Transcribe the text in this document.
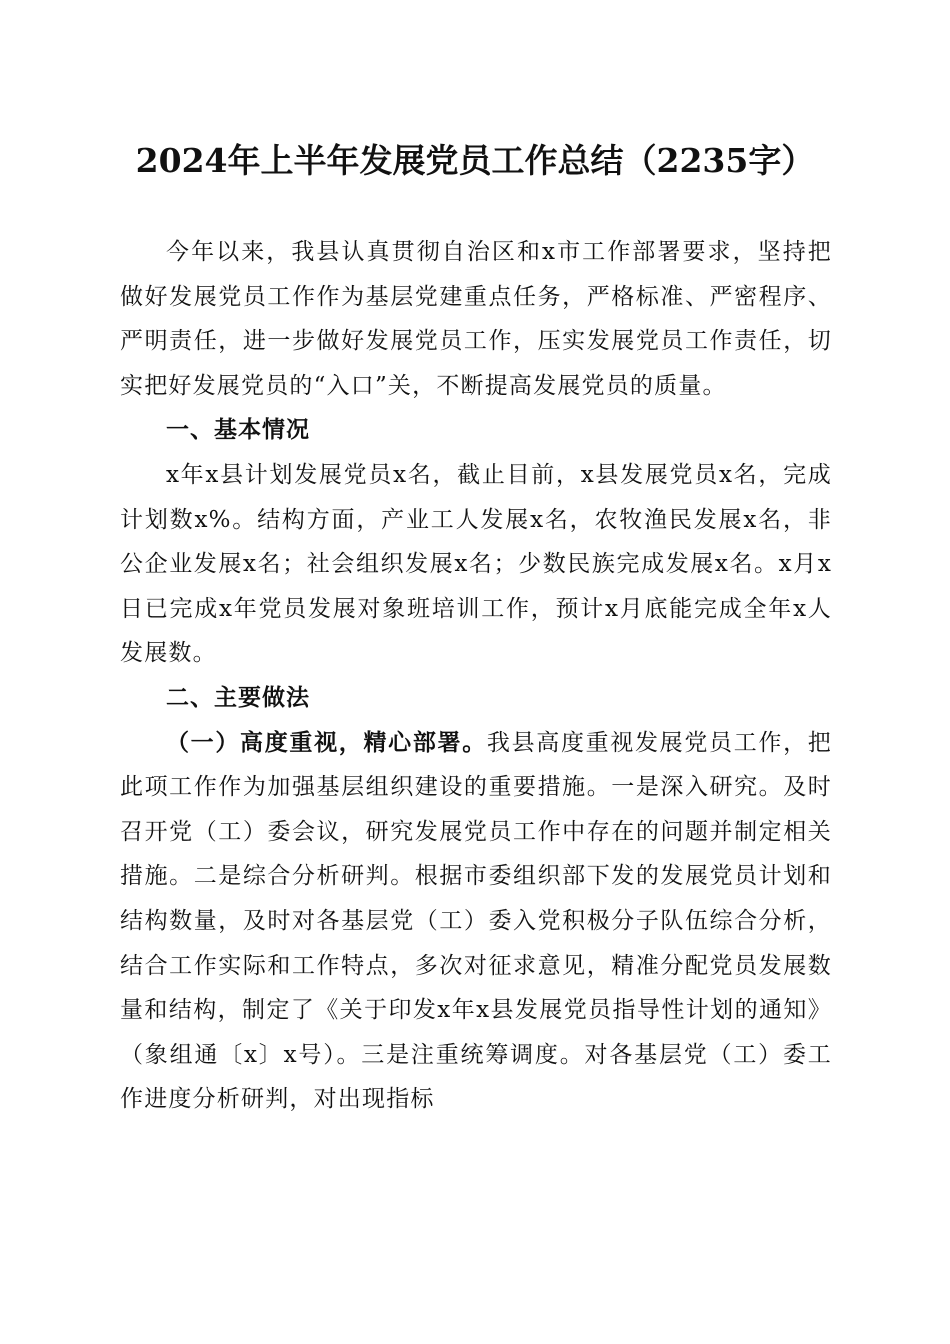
2024年上半年发展党员工作总结（2235字）

今年以来，我县认真贯彻自治区和x市工作部署要求，坚持把做好发展党员工作作为基层党建重点任务，严格标准、严密程序、严明责任，进一步做好发展党员工作，压实发展党员工作责任，切实把好发展党员的“入口”关，不断提高发展党员的质量。

一、基本情况

x年x县计划发展党员x名，截止目前，x县发展党员x名，完成计划数x%。结构方面，产业工人发展x名，农牧渔民发展x名，非公企业发展x名；社会组织发展x名；少数民族完成发展x名。x月x日已完成x年党员发展对象班培训工作，预计x月底能完成全年x人发展数。

二、主要做法

（一）高度重视，精心部署。我县高度重视发展党员工作，把此项工作作为加强基层组织建设的重要措施。一是深入研究。及时召开党（工）委会议，研究发展党员工作中存在的问题并制定相关措施。二是综合分析研判。根据市委组织部下发的发展党员计划和结构数量，及时对各基层党（工）委入党积极分子队伍综合分析，结合工作实际和工作特点，多次对征求意见，精准分配党员发展数量和结构，制定了《关于印发x年x县发展党员指导性计划的通知》（象组通〔x〕x号）。三是注重统筹调度。对各基层党（工）委工作进度分析研判，对出现指标
